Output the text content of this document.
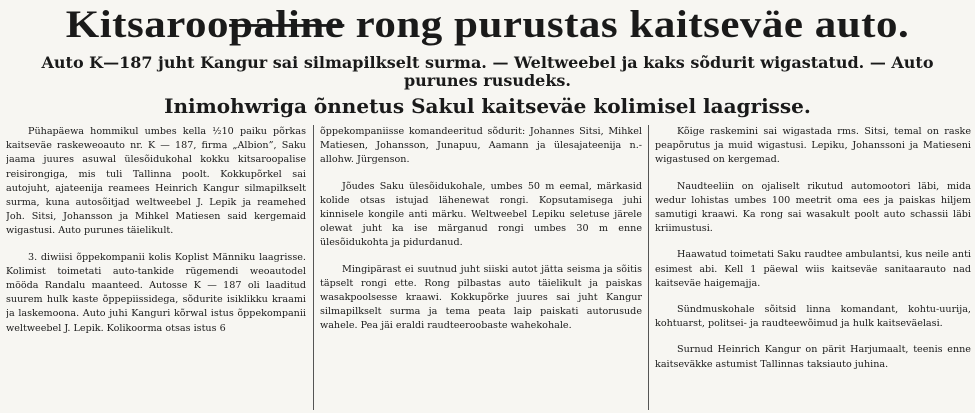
Kitsaroopaline rong purustas kaitseväe auto.
Auto K—187 juht Kangur sai silmapilkselt surma. — Weltweebel ja kaks sõdurit wigastatud. — Auto purunes rusudeks.
Inimohwriga õnnetus Sakul kaitseväe kolimisel laagrisse.

Pühapäewa hommikul umbes kella ½10 paiku põrkas kaitseväe raskeweoauto nr. K — 187, firma „Albion”, Saku jaama juures asuwal ülesõidukohal kokku kitsaroopalise reisirongiga, mis tuli Tallinna poolt. Kokkupõrkel sai autojuht, ajateenija reamees Heinrich Kangur silmapilkselt surma, kuna autosõitjad weltweebel J. Lepik ja reamehed Joh. Sitsi, Johansson ja Mihkel Matiesen said kergemaid wigastusi. Auto purunes täielikult.

3. diwiisi õppekompanii kolis Koplist Männiku laagrisse. Kolimist toimetati auto-tankide rügemendi weoautodel mööda Randalu maanteed. Autosse K — 187 oli laaditud suurem hulk kaste õppepiissidega, sõdurite isiklikku kraami ja laskemoona. Auto juhi Kanguri kõrwal istus õppekompanii weltweebel J. Lepik. Kolikoorma otsas istus 6

õppekompaniisse komandeeritud sõdurit: Johannes Sitsi, Mihkel Matiesen, Johansson, Junapuu, Aamann ja ülesajateenija n.-allohw. Jürgenson.

Jõudes Saku ülesõidukohale, umbes 50 m eemal, märkasid kolide otsas istujad lähenewat rongi. Kopsutamisega juhi kinnisele kongile anti märku. Weltweebel Lepiku seletuse järele olewat juht ka ise märganud rongi umbes 30 m enne ülesõidukohta ja pidurdanud.

Mingipärast ei suutnud juht siiski autot jätta seisma ja sõitis täpselt rongi ette. Rong pilbastas auto täielikult ja paiskas wasakpoolsesse kraawi. Kokkupõrke juures sai juht Kangur silmapilkselt surma ja tema peata laip paiskati autorusude wahele. Pea jäi eraldi raudteeroobaste wahekohale.

Kõige raskemini sai wigastada rms. Sitsi, temal on raske peapõrutus ja muid wigastusi. Lepiku, Johanssoni ja Matieseni wigastused on kergemad.

Naudteeliin on ojaliselt rikutud automootori läbi, mida wedur lohistas umbes 100 meetrit oma ees ja paiskas hiljem samutigi kraawi. Ka rong sai wasakult poolt auto schassii läbi kriimustusi.

Haawatud toimetati Saku raudtee ambulantsi, kus neile anti esimest abi. Kell 1 päewal wiis kaitseväe sanitaarauto nad kaitseväe haigemajja.

Sündmuskohale sõitsid linna komandant, kohtu-uurija, kohtuarst, politsei- ja raudteewõimud ja hulk kaitseväelasi.

Surnud Heinrich Kangur on pärit Harjumaalt, teenis enne kaitseväkke astumist Tallinnas taksiauto juhina.
